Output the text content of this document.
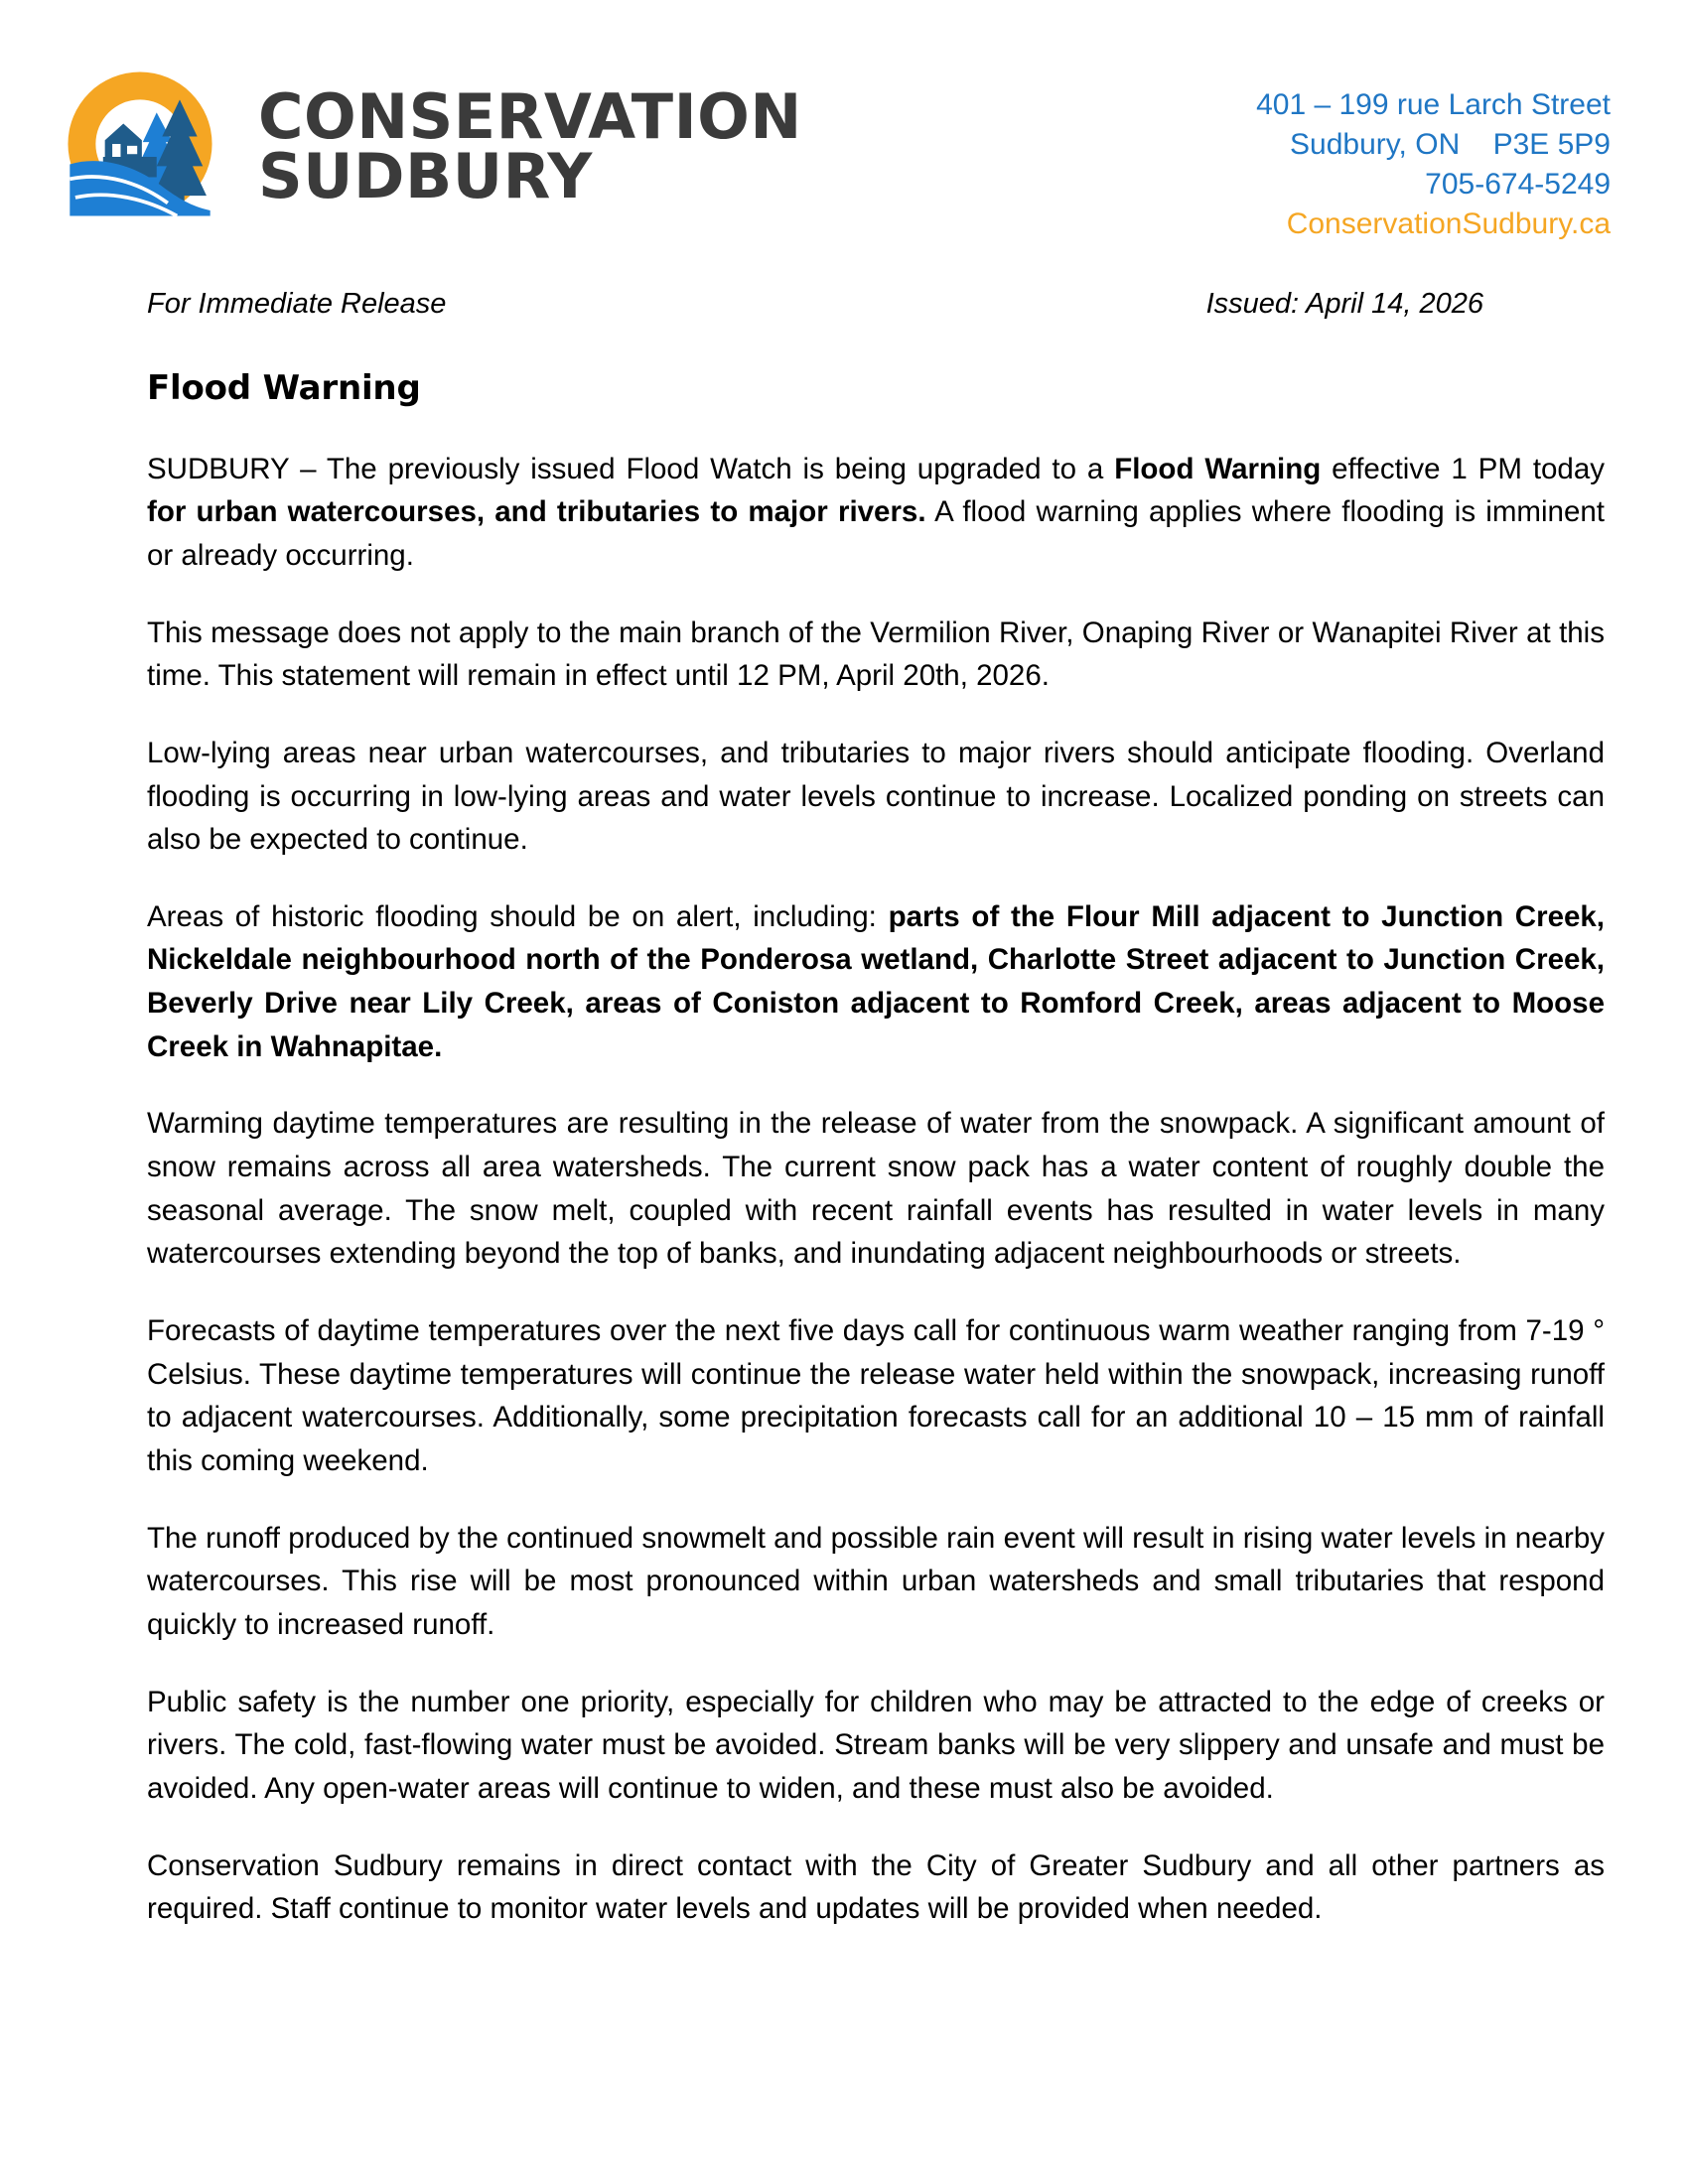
CONSERVATION
SUDBURY
401 – 199 rue Larch Street
Sudbury, ON    P3E 5P9
705-674-5249
ConservationSudbury.ca
For Immediate Release	Issued: April 14, 2026
Flood Warning

SUDBURY – The previously issued Flood Watch is being upgraded to a Flood Warning effective 1 PM today for urban watercourses, and tributaries to major rivers. A flood warning applies where flooding is imminent or already occurring.

This message does not apply to the main branch of the Vermilion River, Onaping River or Wanapitei River at this time. This statement will remain in effect until 12 PM, April 20th, 2026.

Low-lying areas near urban watercourses, and tributaries to major rivers should anticipate flooding. Overland flooding is occurring in low-lying areas and water levels continue to increase. Localized ponding on streets can also be expected to continue.

Areas of historic flooding should be on alert, including: parts of the Flour Mill adjacent to Junction Creek, Nickeldale neighbourhood north of the Ponderosa wetland, Charlotte Street adjacent to Junction Creek, Beverly Drive near Lily Creek, areas of Coniston adjacent to Romford Creek, areas adjacent to Moose Creek in Wahnapitae.

Warming daytime temperatures are resulting in the release of water from the snowpack. A significant amount of snow remains across all area watersheds. The current snow pack has a water content of roughly double the seasonal average. The snow melt, coupled with recent rainfall events has resulted in water levels in many watercourses extending beyond the top of banks, and inundating adjacent neighbourhoods or streets.

Forecasts of daytime temperatures over the next five days call for continuous warm weather ranging from 7-19 ° Celsius. These daytime temperatures will continue the release water held within the snowpack, increasing runoff to adjacent watercourses. Additionally, some precipitation forecasts call for an additional 10 – 15 mm of rainfall this coming weekend.

The runoff produced by the continued snowmelt and possible rain event will result in rising water levels in nearby watercourses. This rise will be most pronounced within urban watersheds and small tributaries that respond quickly to increased runoff.

Public safety is the number one priority, especially for children who may be attracted to the edge of creeks or rivers. The cold, fast-flowing water must be avoided. Stream banks will be very slippery and unsafe and must be avoided. Any open-water areas will continue to widen, and these must also be avoided.

Conservation Sudbury remains in direct contact with the City of Greater Sudbury and all other partners as required. Staff continue to monitor water levels and updates will be provided when needed.
